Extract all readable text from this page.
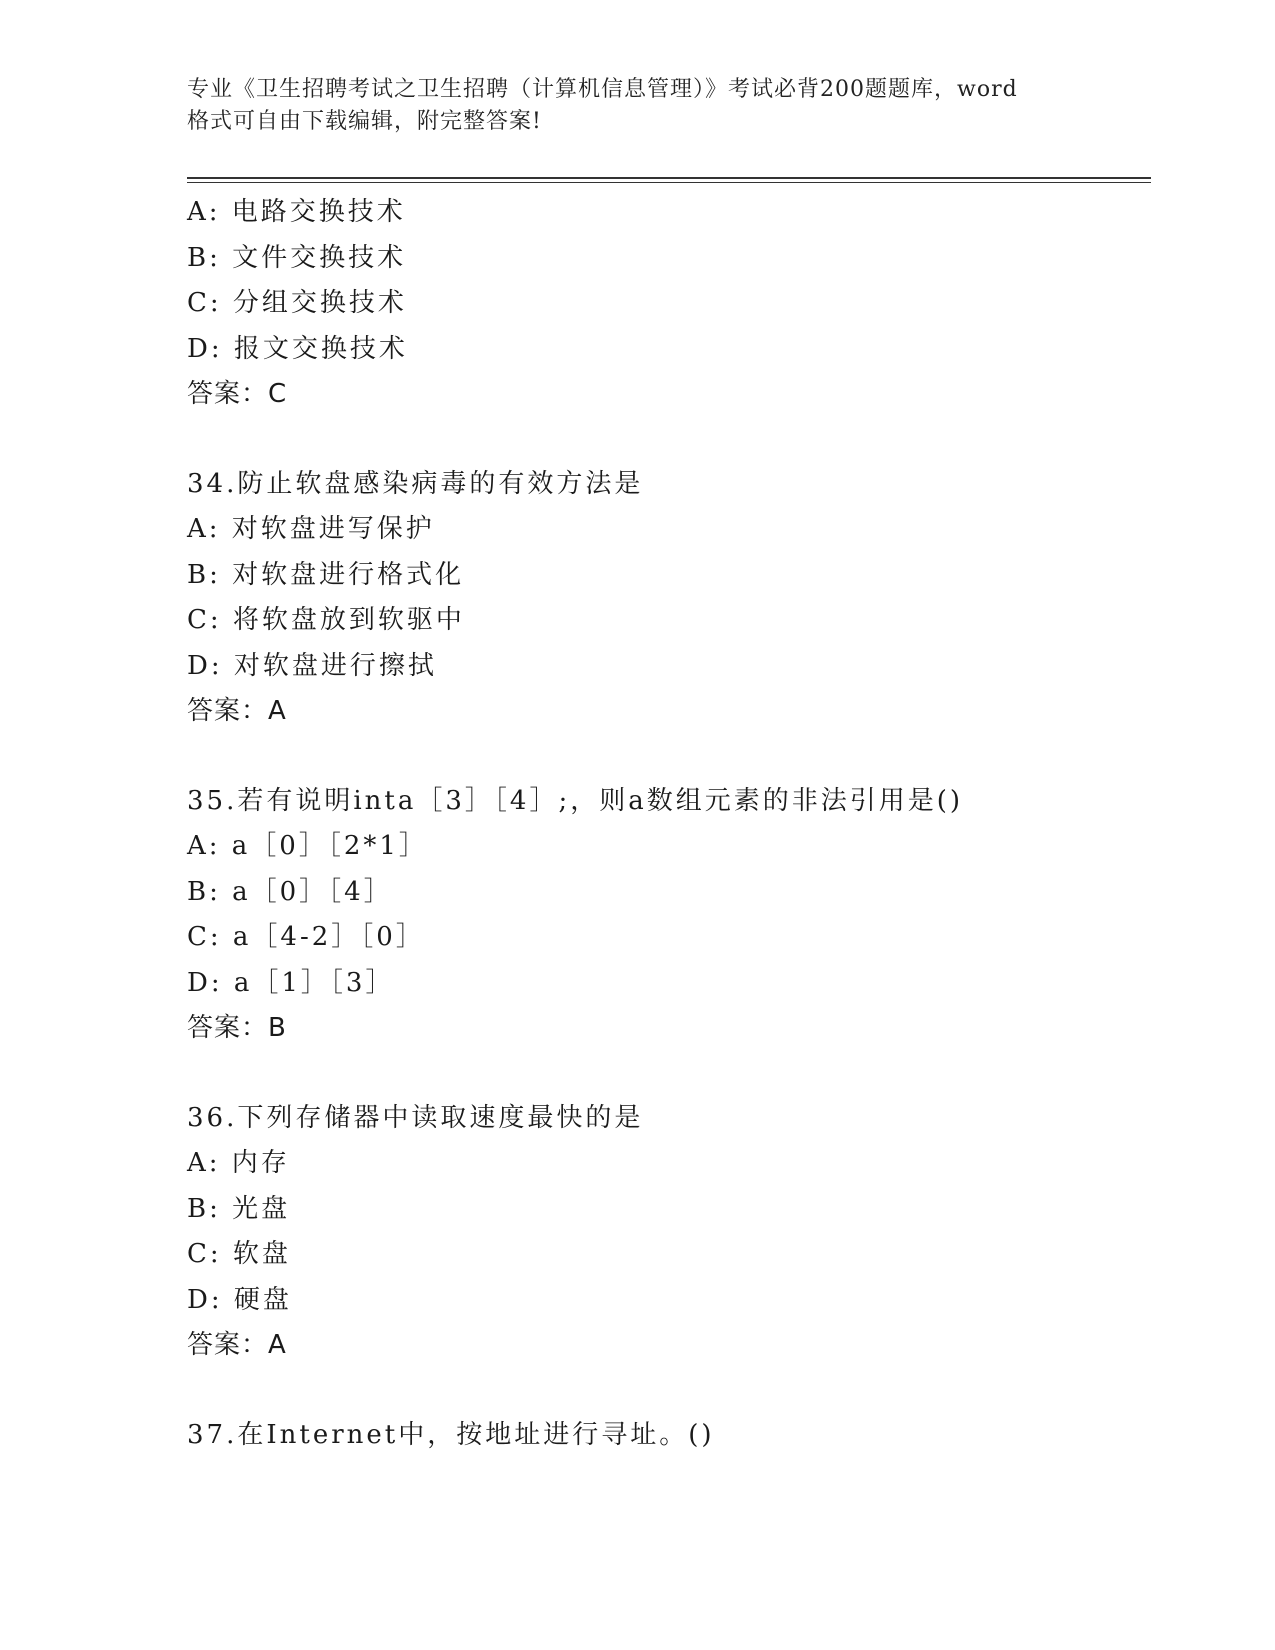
专业《卫生招聘考试之卫生招聘（计算机信息管理）》考试必背200题题库，word
格式可自由下载编辑，附完整答案!
A: 电路交换技术
B: 文件交换技术
C: 分组交换技术
D: 报文交换技术
答案：C
34.防止软盘感染病毒的有效方法是
A: 对软盘进写保护
B: 对软盘进行格式化
C: 将软盘放到软驱中
D: 对软盘进行擦拭
答案：A
35.若有说明inta［3］［4］;，则a数组元素的非法引用是()
A: a［0］［2*1］
B: a［0］［4］
C: a［4-2］［0］
D: a［1］［3］
答案：B
36.下列存储器中读取速度最快的是
A: 内存
B: 光盘
C: 软盘
D: 硬盘
答案：A
37.在Internet中，按地址进行寻址。()
